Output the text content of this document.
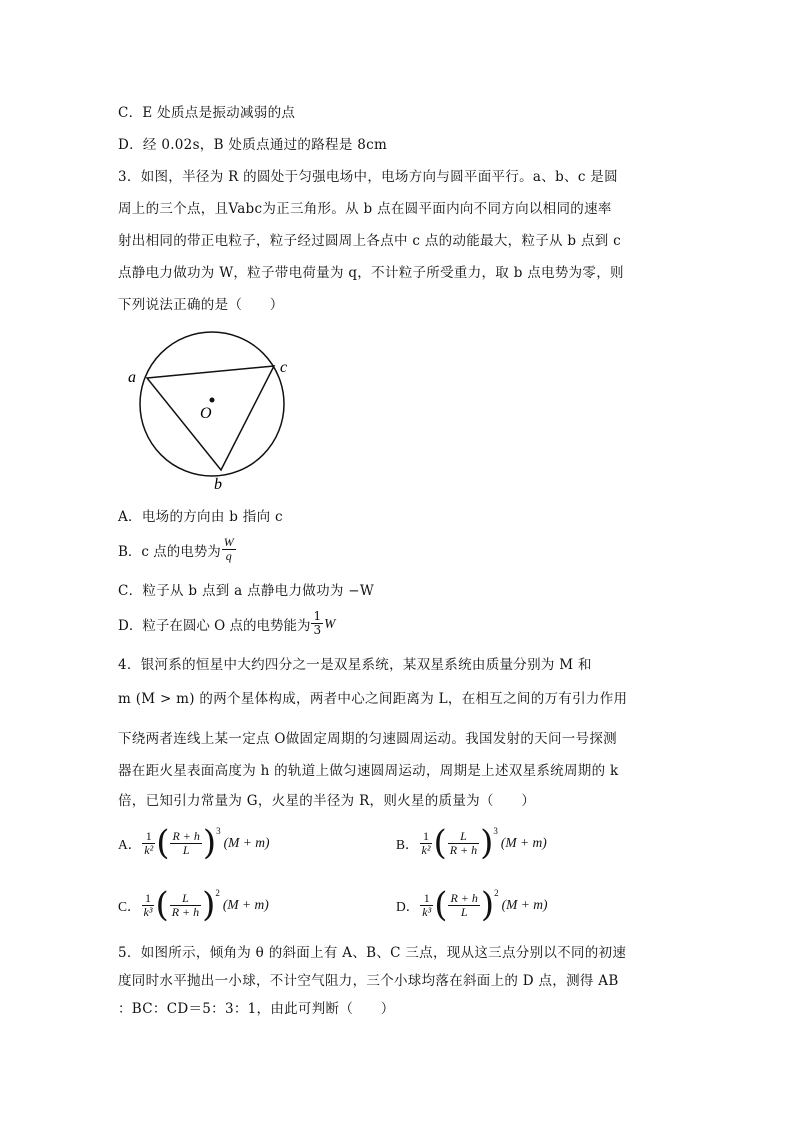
C．E 处质点是振动减弱的点
D．经 0.02s，B 处质点通过的路程是 8cm
3．如图，半径为 R 的圆处于匀强电场中，电场方向与圆平面平行。a、b、c 是圆
周上的三个点，且Vabc为正三角形。从 b 点在圆平面内向不同方向以相同的速率
射出相同的带正电粒子，粒子经过圆周上各点中 c 点的动能最大，粒子从 b 点到 c
点静电力做功为 W，粒子带电荷量为 q，不计粒子所受重力，取 b 点电势为零，则
下列说法正确的是（　　）
a
c
b
O
A．电场的方向由 b 指向 c
B．c 点的电势为 $\frac{W}{q}$
C．粒子从 b 点到 a 点静电力做功为 −W
D．粒子在圆心 O 点的电势能为 $\frac{1}{3}$ W
4．银河系的恒星中大约四分之一是双星系统，某双星系统由质量分别为 M 和
m (M > m) 的两个星体构成，两者中心之间距离为 L，在相互之间的万有引力作用
下绕两者连线上某一定点 O做固定周期的匀速圆周运动。我国发射的天问一号探测
器在距火星表面高度为 h 的轨道上做匀速圆周运动，周期是上述双星系统周期的 k
倍，已知引力常量为 G，火星的半径为 R，则火星的质量为（　　）
A． $\frac{1}{\text{k²}}$ ( $\frac{R + h}{L}$ ) 3
(M + m)	B． $\frac{1}{\text{k²}}$ ( $\frac{L}{R + h}$ ) 3
(M + m)
C． $\frac{1}{\text{k³}}$ ( $\frac{L}{R + h}$ ) 2
(M + m)	D． $\frac{1}{\text{k³}}$ ( $\frac{R + h}{L}$ ) 2
(M + m)
5．如图所示，倾角为 θ 的斜面上有 A、B、C 三点，现从这三点分别以不同的初速
度同时水平抛出一小球，不计空气阻力，三个小球均落在斜面上的 D 点，测得 AB
：BC：CD＝5：3：1，由此可判断（　　）
